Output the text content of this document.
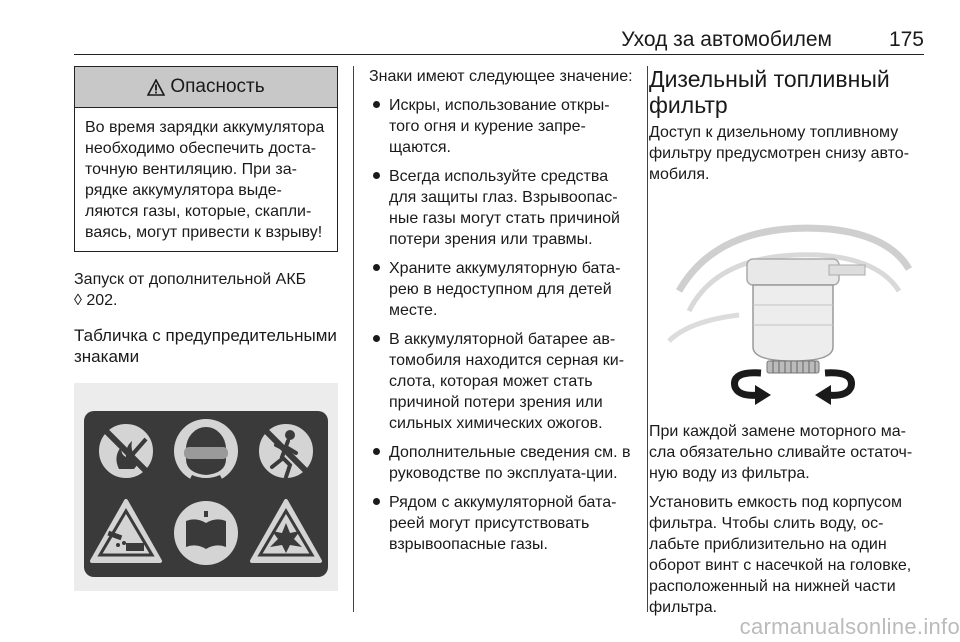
Уход за автомобилем	175
Опасность
Во время зарядки аккумулятора необходимо обеспечить доста-точную вентиляцию. При за-рядке аккумулятора выде-ляются газы, которые, скапли-ваясь, могут привести к взрыву!

Запуск от дополнительной АКБ
◊ 202.

Табличка с предупредительными знаками

Знаки имеют следующее значение:

Искры, использование откры-того огня и курение запре-щаются.
Всегда используйте средства для защиты глаз. Взрывоопас-ные газы могут стать причиной потери зрения или травмы.
Храните аккумуляторную бата-рею в недоступном для детей месте.
В аккумуляторной батарее ав-томобиля находится серная ки-слота, которая может стать причиной потери зрения или сильных химических ожогов.
Дополнительные сведения см. в руководстве по эксплуата-ции.
Рядом с аккумуляторной бата-реей могут присутствовать взрывоопасные газы.
Дизельный топливный фильтр

Доступ к дизельному топливному фильтру предусмотрен снизу авто-мобиля.

При каждой замене моторного ма-сла обязательно сливайте остаточ-ную воду из фильтра.

Установить емкость под корпусом фильтра. Чтобы слить воду, ос-лабьте приблизительно на один оборот винт с насечкой на головке, расположенный на нижней части фильтра.

carmanualsonline.info
